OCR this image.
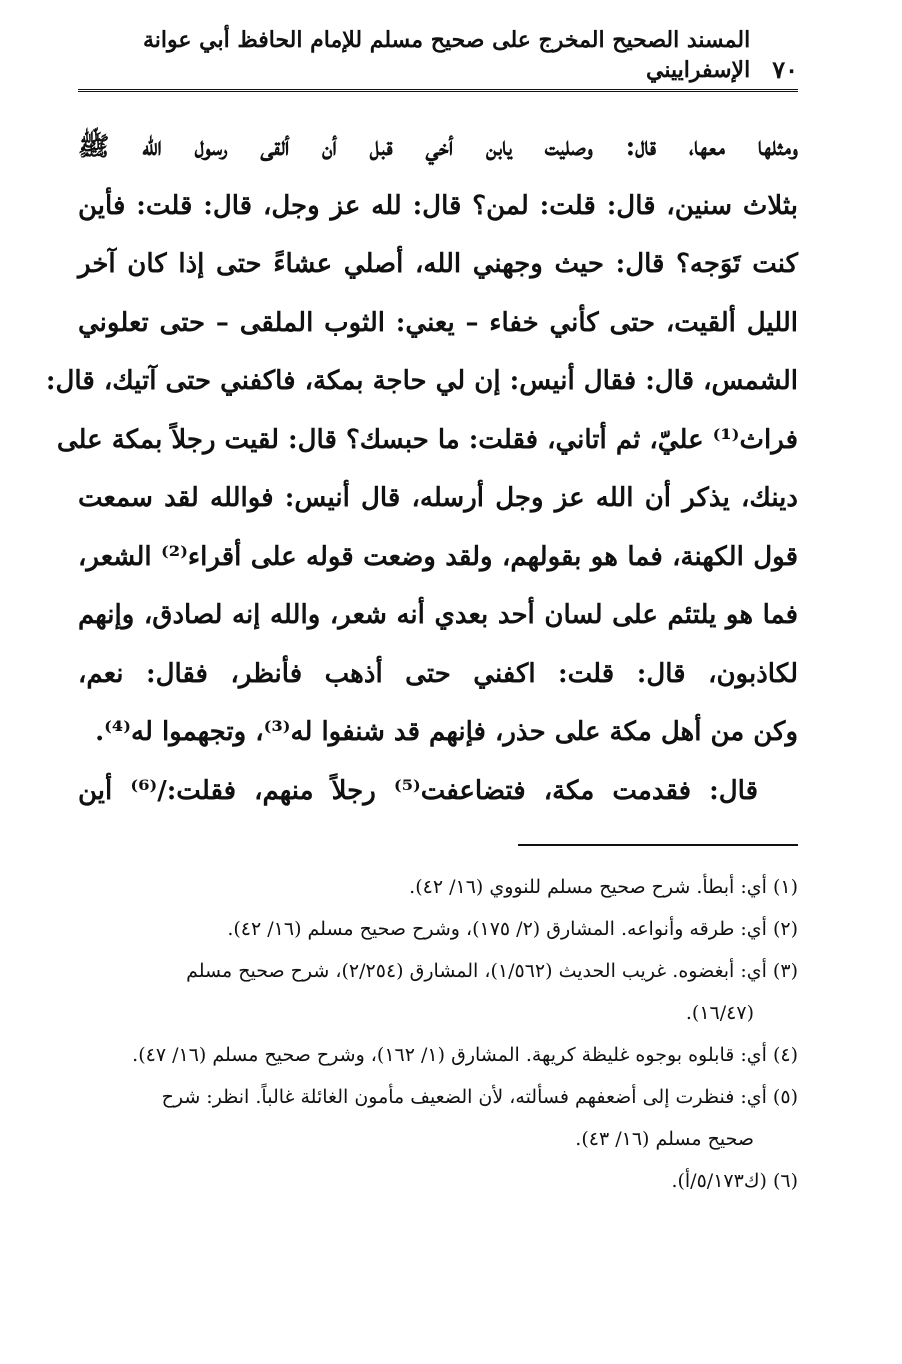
٧٠
المسند الصحيح المخرج على صحيح مسلم للإمام الحافظ أبي عوانة الإسفراييني
ومثلها معها، قال: وصليت يابن أخي قبل أن ألقى رسول الله ﷺ
بثلاث سنين، قال: قلت: لمن؟ قال: لله عز وجل، قال: قلت: فأين
كنت تَوَجه؟ قال: حيث وجهني الله، أصلي عشاءً حتى إذا كان آخر
الليل ألقيت، حتى كأني خفاء – يعني: الثوب الملقى – حتى تعلوني
الشمس، قال: فقال أنيس: إن لي حاجة بمكة، فاكفني حتى آتيك، قال:
فراث⁽¹⁾ عليّ، ثم أتاني، فقلت: ما حبسك؟ قال: لقيت رجلاً بمكة على
دينك، يذكر أن الله عز وجل أرسله، قال أنيس: فوالله لقد سمعت
قول الكهنة، فما هو بقولهم، ولقد وضعت قوله على أقراء⁽²⁾ الشعر،
فما هو يلتئم على لسان أحد بعدي أنه شعر، والله إنه لصادق، وإنهم
لكاذبون، قال: قلت: اكفني حتى أذهب فأنظر، فقال: نعم،
وكن من أهل مكة على حذر، فإنهم قد شنفوا له⁽³⁾، وتجهموا له⁽⁴⁾.
قال: فقدمت مكة، فتضاعفت⁽⁵⁾ رجلاً منهم، فقلت:/⁽⁶⁾ أين
(١) أي: أبطأ. شرح صحيح مسلم للنووي (١٦/ ٤٢).
(٢) أي: طرقه وأنواعه. المشارق (٢/ ١٧٥)، وشرح صحيح مسلم (١٦/ ٤٢).
(٣) أي: أبغضوه. غريب الحديث (١/٥٦٢)، المشارق (٢/٢٥٤)، شرح صحيح مسلم
(١٦/٤٧).
(٤) أي: قابلوه بوجوه غليظة كريهة. المشارق (١/ ١٦٢)، وشرح صحيح مسلم (١٦/ ٤٧).
(٥) أي: فنظرت إلى أضعفهم فسألته، لأن الضعيف مأمون الغائلة غالباً. انظر: شرح
صحيح مسلم (١٦/ ٤٣).
(٦) (ك٥/١٧٣/أ).
